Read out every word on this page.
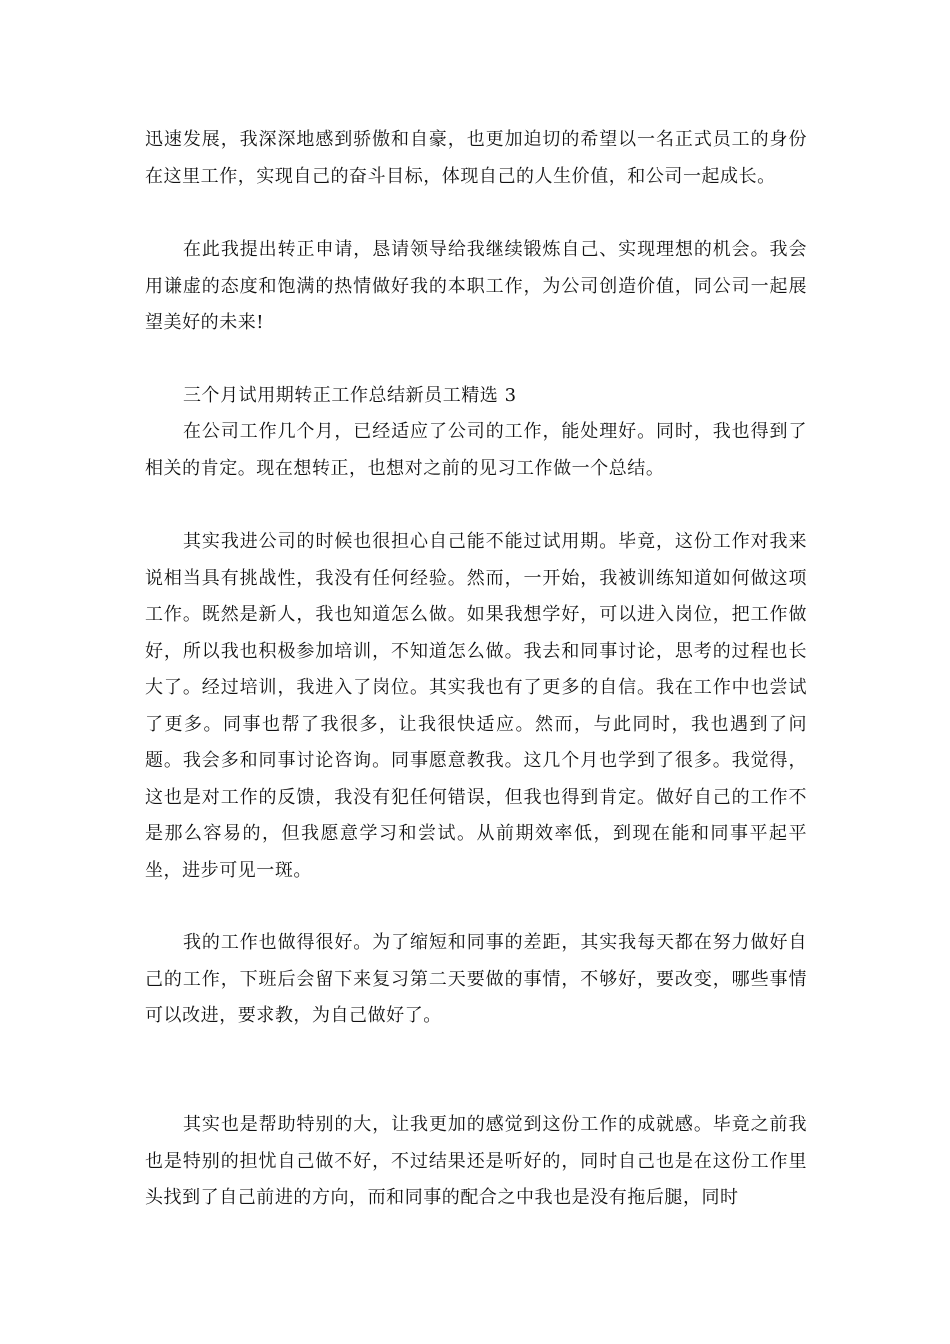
迅速发展，我深深地感到骄傲和自豪，也更加迫切的希望以一名正式员工的身份在这里工作，实现自己的奋斗目标，体现自己的人生价值，和公司一起成长。

在此我提出转正申请，恳请领导给我继续锻炼自己、实现理想的机会。我会用谦虚的态度和饱满的热情做好我的本职工作，为公司创造价值，同公司一起展望美好的未来!

三个月试用期转正工作总结新员工精选 3

在公司工作几个月，已经适应了公司的工作，能处理好。同时，我也得到了相关的肯定。现在想转正，也想对之前的见习工作做一个总结。

其实我进公司的时候也很担心自己能不能过试用期。毕竟，这份工作对我来说相当具有挑战性，我没有任何经验。然而，一开始，我被训练知道如何做这项工作。既然是新人，我也知道怎么做。如果我想学好，可以进入岗位，把工作做好，所以我也积极参加培训，不知道怎么做。我去和同事讨论，思考的过程也长大了。经过培训，我进入了岗位。其实我也有了更多的自信。我在工作中也尝试了更多。同事也帮了我很多，让我很快适应。然而，与此同时，我也遇到了问题。我会多和同事讨论咨询。同事愿意教我。这几个月也学到了很多。我觉得，这也是对工作的反馈，我没有犯任何错误，但我也得到肯定。做好自己的工作不是那么容易的，但我愿意学习和尝试。从前期效率低，到现在能和同事平起平坐，进步可见一斑。

我的工作也做得很好。为了缩短和同事的差距，其实我每天都在努力做好自己的工作，下班后会留下来复习第二天要做的事情，不够好，要改变，哪些事情可以改进，要求教，为自己做好了。

其实也是帮助特别的大，让我更加的感觉到这份工作的成就感。毕竟之前我也是特别的担忧自己做不好，不过结果还是听好的，同时自己也是在这份工作里头找到了自己前进的方向，而和同事的配合之中我也是没有拖后腿，同时
